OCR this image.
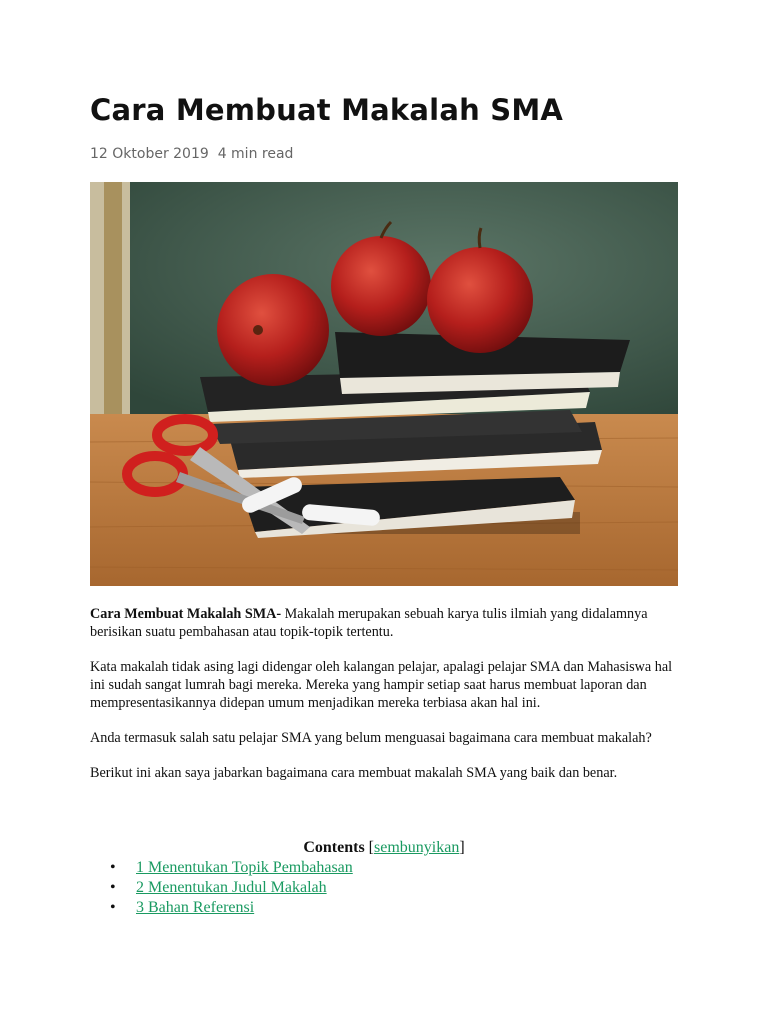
Cara Membuat Makalah SMA
12 Oktober 2019 4 min read

Cara Membuat Makalah SMA- Makalah merupakan sebuah karya tulis ilmiah yang didalamnya berisikan suatu pembahasan atau topik-topik tertentu.

Kata makalah tidak asing lagi didengar oleh kalangan pelajar, apalagi pelajar SMA dan Mahasiswa hal ini sudah sangat lumrah bagi mereka. Mereka yang hampir setiap saat harus membuat laporan dan mempresentasikannya didepan umum menjadikan mereka terbiasa akan hal ini.

Anda termasuk salah satu pelajar SMA yang belum menguasai bagaimana cara membuat makalah?

Berikut ini akan saya jabarkan bagaimana cara membuat makalah SMA yang baik dan benar.

Contents [sembunyikan]
• 1 Menentukan Topik Pembahasan
• 2 Menentukan Judul Makalah
• 3 Bahan Referensi
